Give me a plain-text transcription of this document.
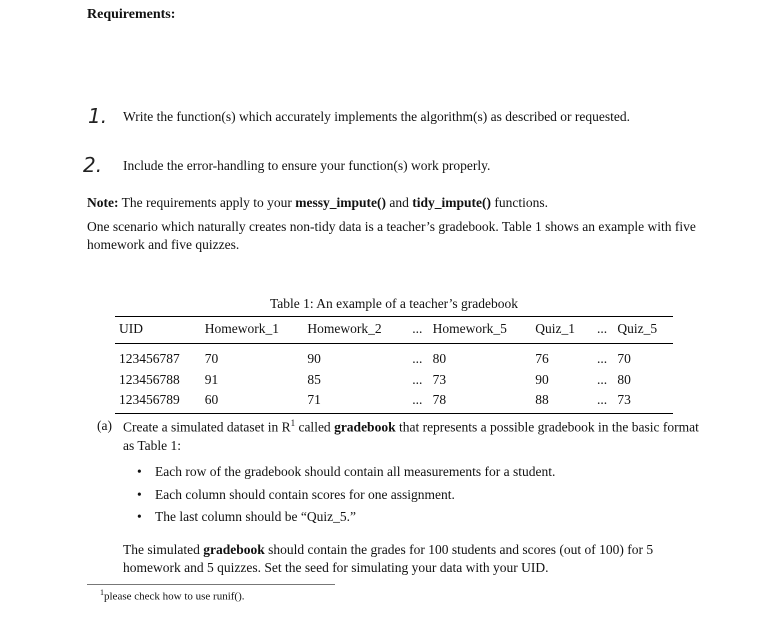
Requirements:
1. Write the function(s) which accurately implements the algorithm(s) as described or requested.
2. Include the error-handling to ensure your function(s) work properly.
Note: The requirements apply to your messy_impute() and tidy_impute() functions.
One scenario which naturally creates non-tidy data is a teacher’s gradebook. Table 1 shows an example with five homework and five quizzes.
Table 1: An example of a teacher’s gradebook
UID	Homework_1	Homework_2	...	Homework_5	Quiz_1	...	Quiz_5
123456787	70	90	...	80	76	...	70
123456788	91	85	...	73	90	...	80
123456789	60	71	...	78	88	...	73
(a) Create a simulated dataset in $R^1$ called gradebook that represents a possible gradebook in the basic format as Table 1:
• Each row of the gradebook should contain all measurements for a student.
• Each column should contain scores for one assignment.
• The last column should be “Quiz_5.”
The simulated gradebook should contain the grades for 100 students and scores (out of 100) for 5 homework and 5 quizzes. Set the seed for simulating your data with your UID.
$^1$please check how to use runif().
